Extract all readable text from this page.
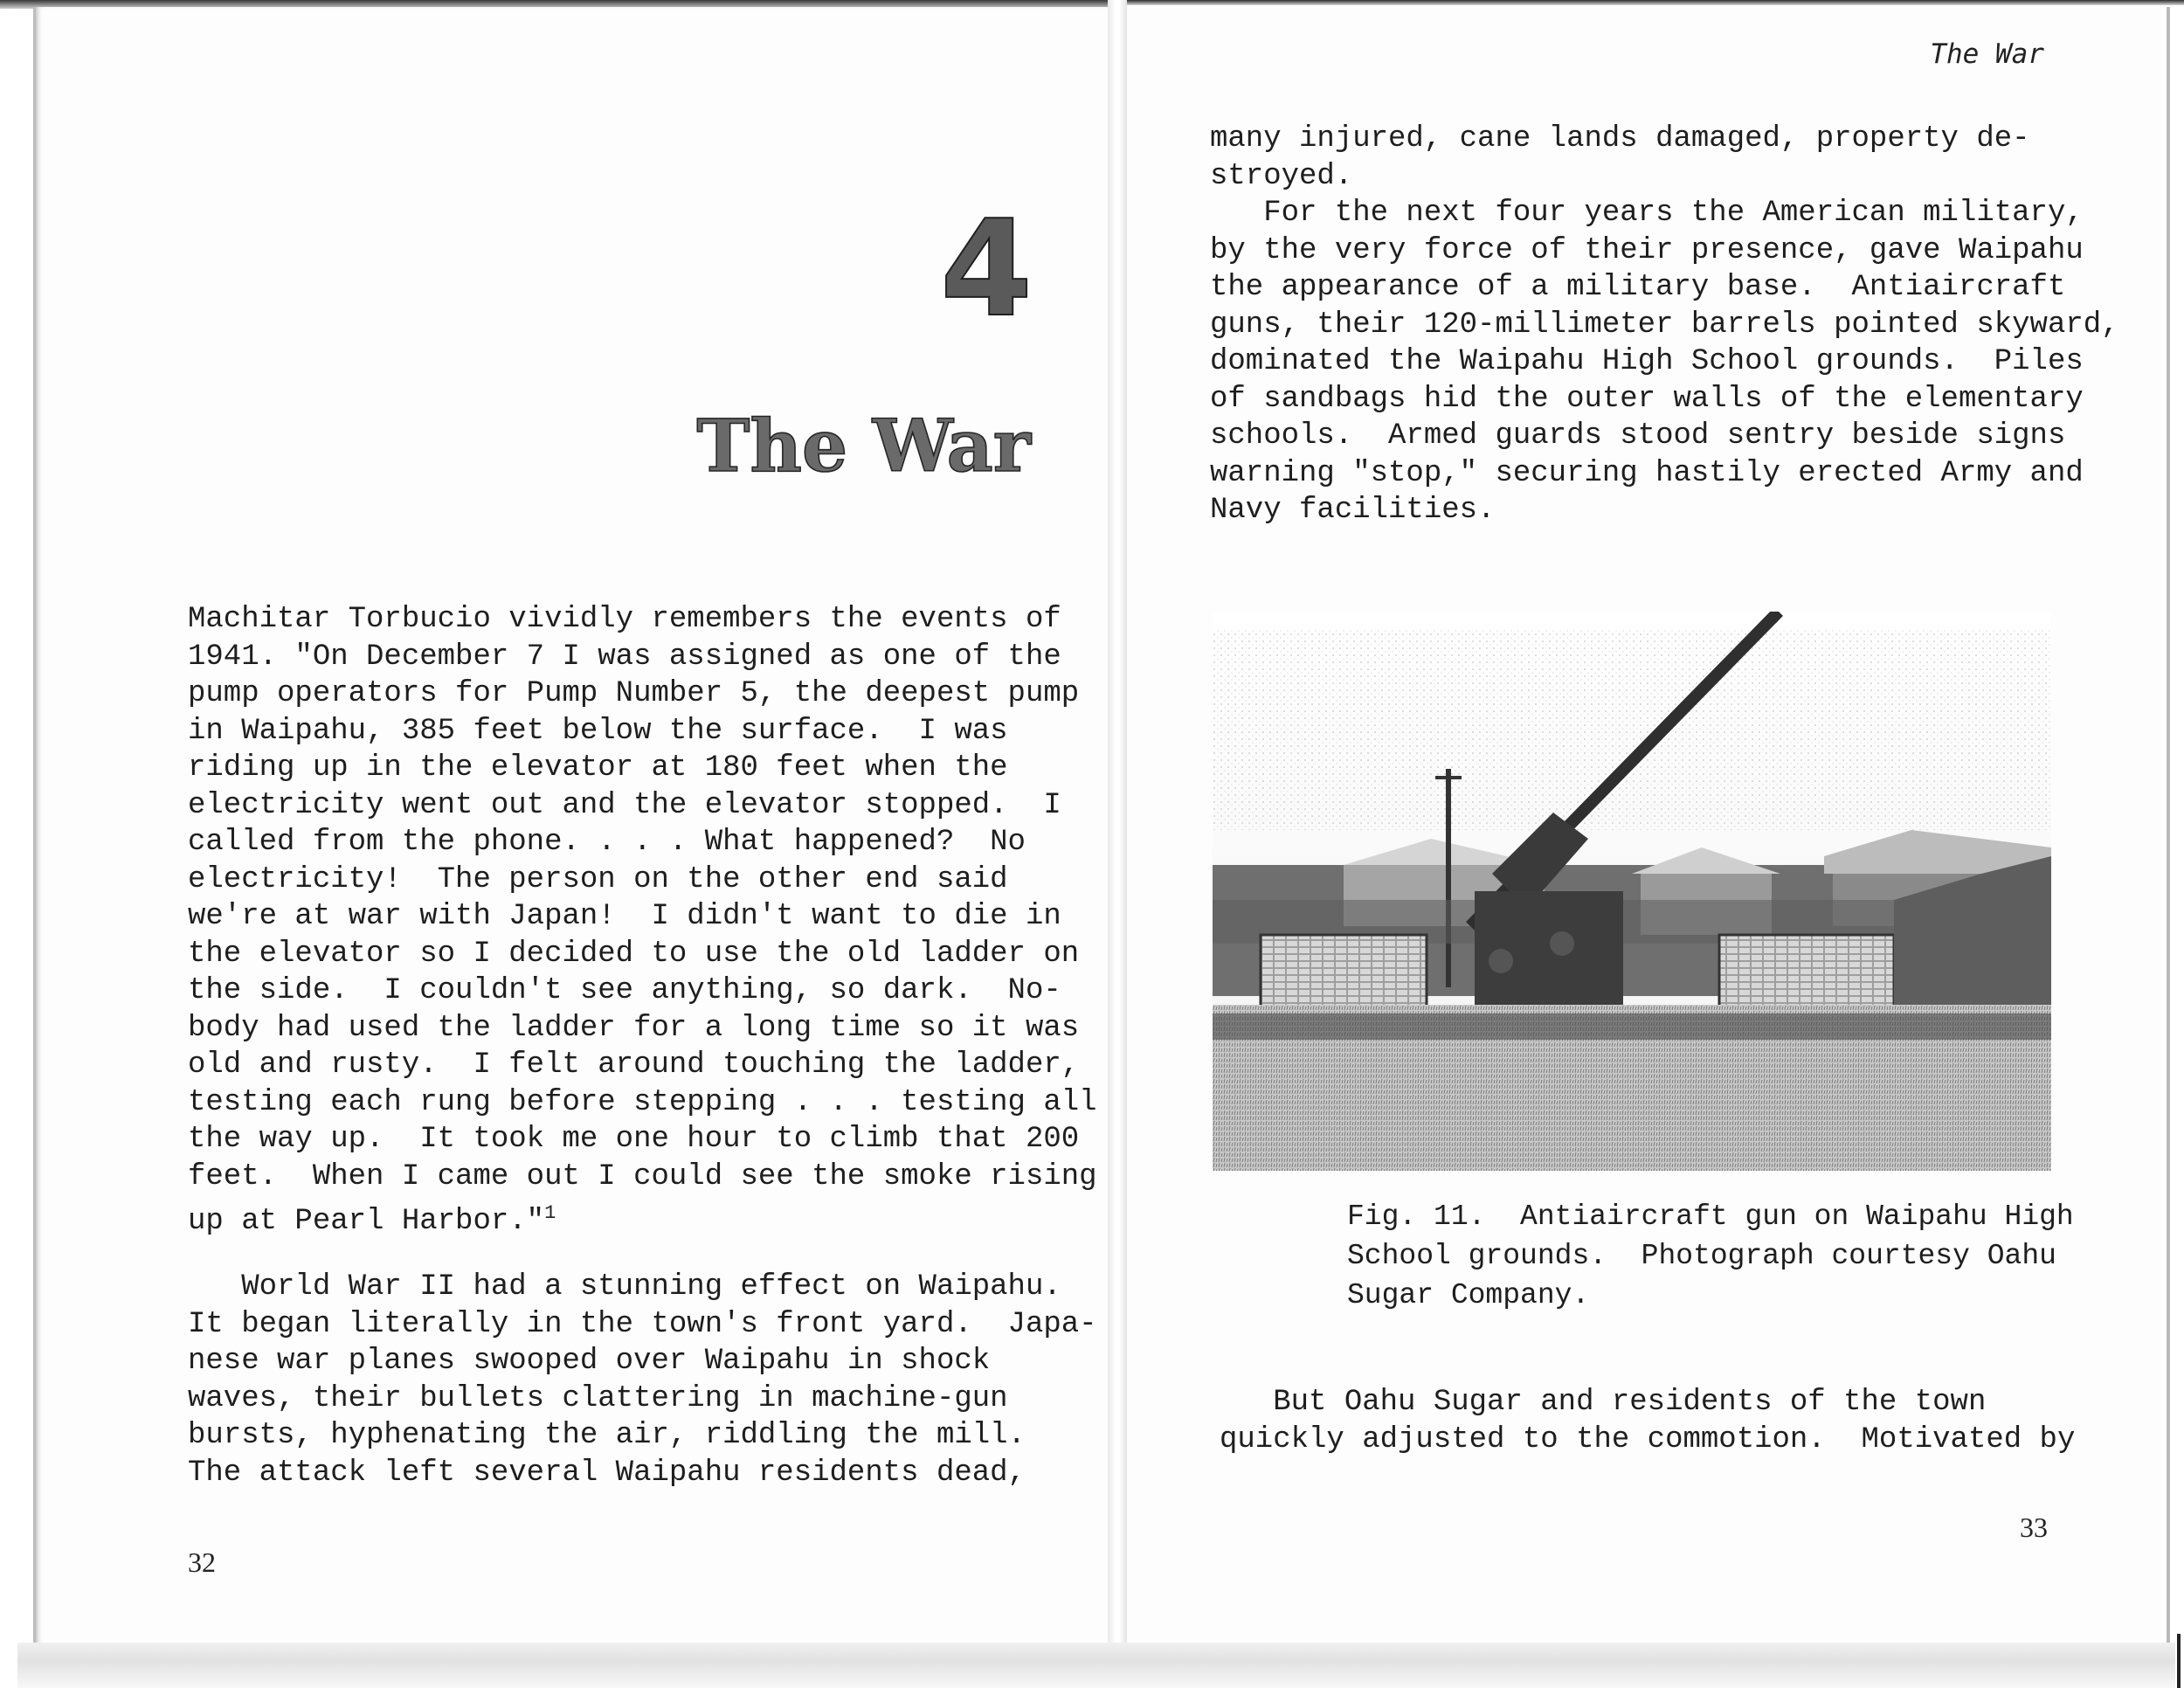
4
The War
Machitar Torbucio vividly remembers the events of
1941. "On December 7 I was assigned as one of the
pump operators for Pump Number 5, the deepest pump
in Waipahu, 385 feet below the surface.  I was
riding up in the elevator at 180 feet when the
electricity went out and the elevator stopped.  I
called from the phone. . . . What happened?  No
electricity!  The person on the other end said
we're at war with Japan!  I didn't want to die in
the elevator so I decided to use the old ladder on
the side.  I couldn't see anything, so dark.  No-
body had used the ladder for a long time so it was
old and rusty.  I felt around touching the ladder,
testing each rung before stepping . . . testing all
the way up.  It took me one hour to climb that 200
feet.  When I came out I could see the smoke rising
up at Pearl Harbor."$^1$
World War II had a stunning effect on Waipahu.
It began literally in the town's front yard.  Japa-
nese war planes swooped over Waipahu in shock
waves, their bullets clattering in machine-gun
bursts, hyphenating the air, riddling the mill.
The attack left several Waipahu residents dead,
32
The War
many injured, cane lands damaged, property de-
stroyed.
For the next four years the American military,
by the very force of their presence, gave Waipahu
the appearance of a military base.  Antiaircraft
guns, their 120-millimeter barrels pointed skyward,
dominated the Waipahu High School grounds.  Piles
of sandbags hid the outer walls of the elementary
schools.  Armed guards stood sentry beside signs
warning "stop," securing hastily erected Army and
Navy facilities.
Fig. 11.  Antiaircraft gun on Waipahu High
School grounds.  Photograph courtesy Oahu
Sugar Company.
But Oahu Sugar and residents of the town
quickly adjusted to the commotion.  Motivated by
33
